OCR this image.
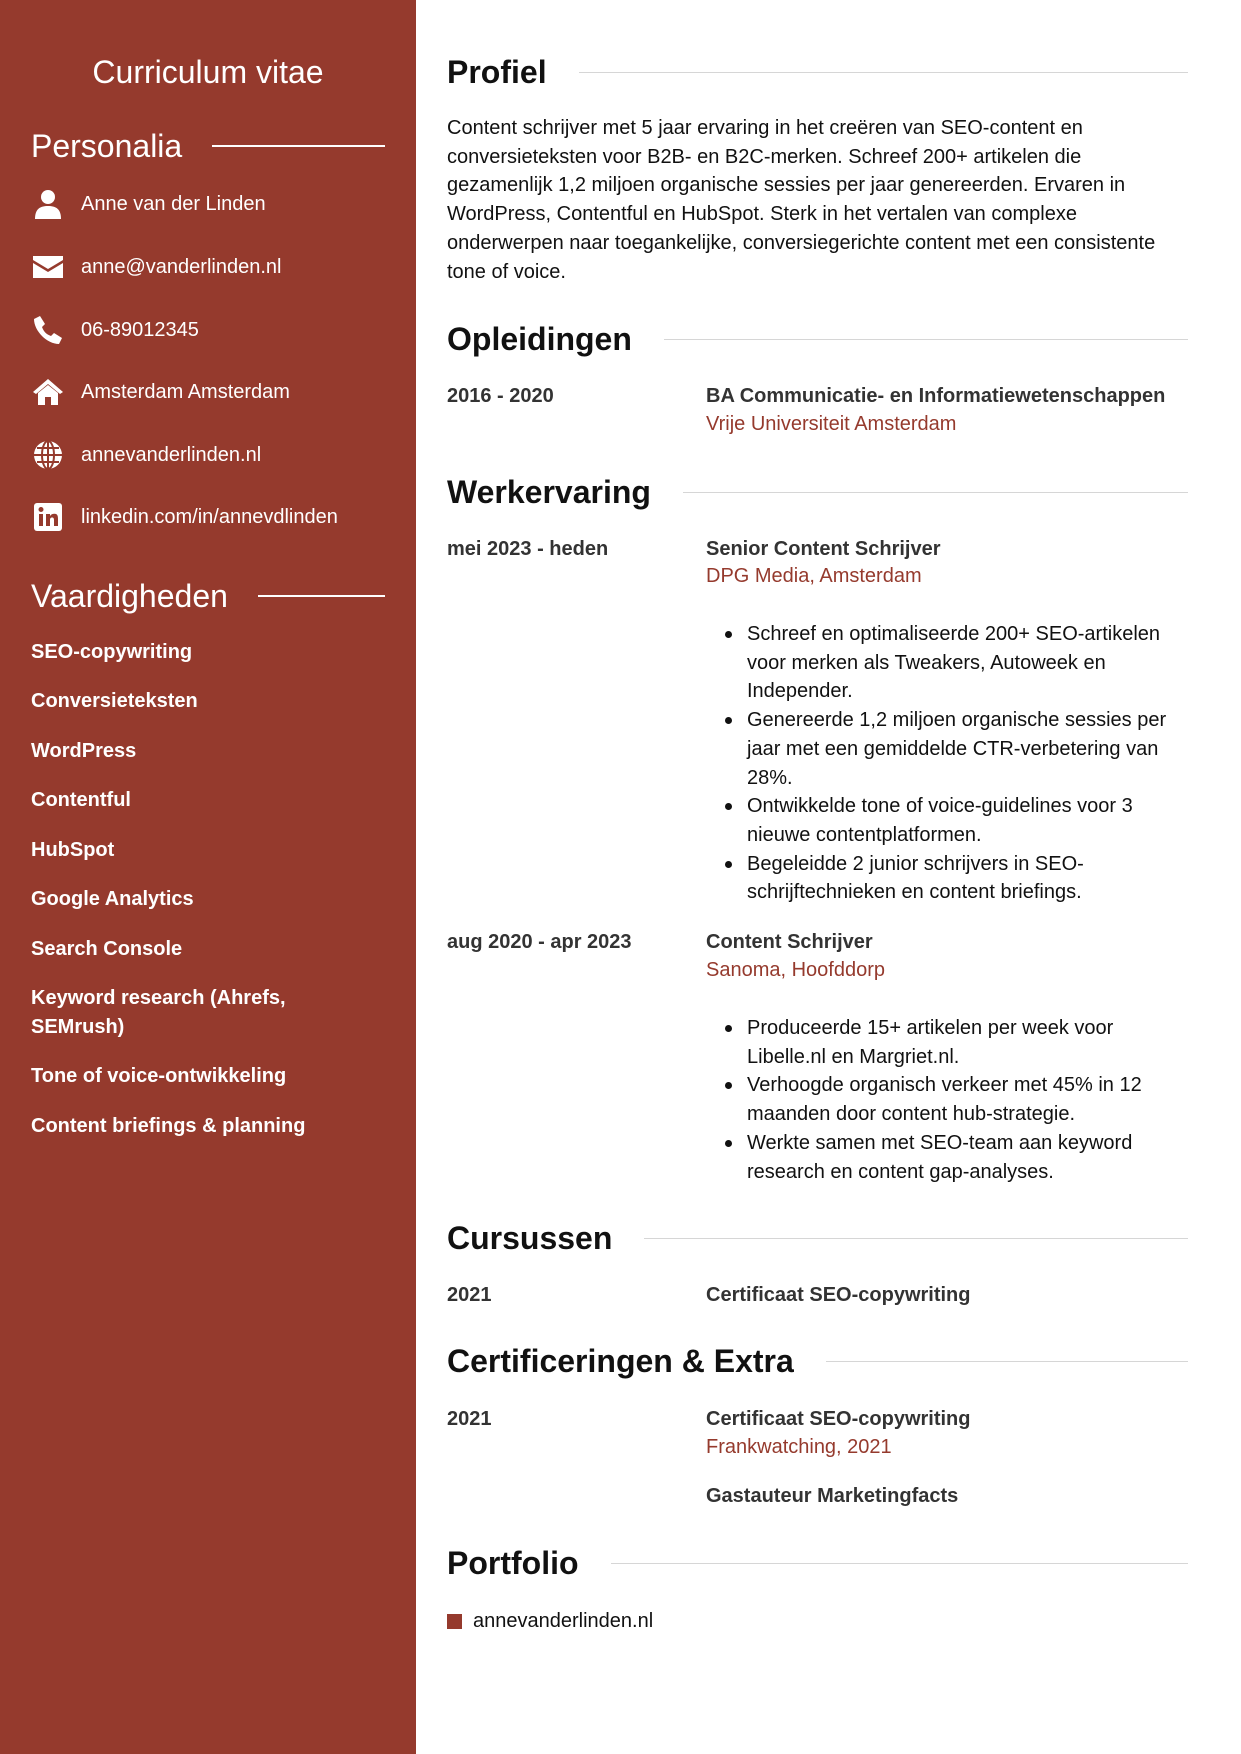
Curriculum vitae
Personalia
Anne van der Linden
anne@vanderlinden.nl
06-89012345
Amsterdam Amsterdam
annevanderlinden.nl
linkedin.com/in/annevdlinden
Vaardigheden
SEO-copywriting
Conversieteksten
WordPress
Contentful
HubSpot
Google Analytics
Search Console
Keyword research (Ahrefs, SEMrush)
Tone of voice-ontwikkeling
Content briefings & planning
Profiel
Content schrijver met 5 jaar ervaring in het creëren van SEO-content en conversieteksten voor B2B- en B2C-merken. Schreef 200+ artikelen die gezamenlijk 1,2 miljoen organische sessies per jaar genereerden. Ervaren in WordPress, Contentful en HubSpot. Sterk in het vertalen van complexe onderwerpen naar toegankelijke, conversiegerichte content met een consistente tone of voice.
Opleidingen
2016 - 2020	BA Communicatie- en Informatiewetenschappen
Vrije Universiteit Amsterdam
Werkervaring
mei 2023 - heden	Senior Content Schrijver
DPG Media, Amsterdam
Schreef en optimaliseerde 200+ SEO-artikelen voor merken als Tweakers, Autoweek en Independer.
Genereerde 1,2 miljoen organische sessies per jaar met een gemiddelde CTR-verbetering van 28%.
Ontwikkelde tone of voice-guidelines voor 3 nieuwe contentplatformen.
Begeleidde 2 junior schrijvers in SEO-schrijftechnieken en content briefings.
aug 2020 - apr 2023	Content Schrijver
Sanoma, Hoofddorp
Produceerde 15+ artikelen per week voor Libelle.nl en Margriet.nl.
Verhoogde organisch verkeer met 45% in 12 maanden door content hub-strategie.
Werkte samen met SEO-team aan keyword research en content gap-analyses.
Cursussen
2021	Certificaat SEO-copywriting
Certificeringen & Extra
2021	Certificaat SEO-copywriting
Frankwatching, 2021
Gastauteur Marketingfacts
Portfolio
annevanderlinden.nl
